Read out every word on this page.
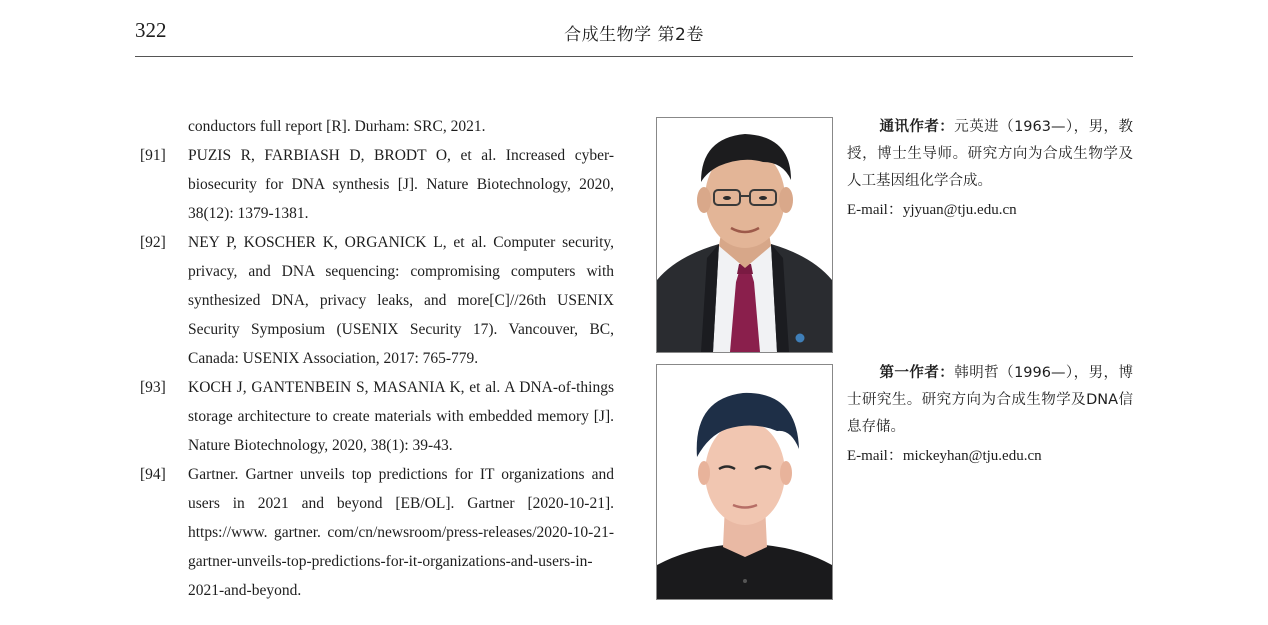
322	合成生物学 第2卷
conductors full report [R]. Durham: SRC, 2021.
[91]	PUZIS R, FARBIASH D, BRODT O, et al. Increased cyber-biosecurity for DNA synthesis [J]. Nature Biotechnology, 2020, 38(12): 1379-1381.
[92]	NEY P, KOSCHER K, ORGANICK L, et al. Computer security, privacy, and DNA sequencing: compromising computers with synthesized DNA, privacy leaks, and more[C]//26th USENIX Security Symposium (USENIX Security 17). Vancouver, BC, Canada: USENIX Association, 2017: 765-779.
[93]	KOCH J, GANTENBEIN S, MASANIA K, et al. A DNA-of-things storage architecture to create materials with embedded memory [J]. Nature Biotechnology, 2020, 38(1): 39-43.
[94]	Gartner. Gartner unveils top predictions for IT organizations and users in 2021 and beyond [EB/OL]. Gartner [2020-10-21]. https://www. gartner. com/cn/newsroom/press-releases/2020-10-21-gartner-unveils-top-predictions-for-it-organizations-and-users-in-2021-and-beyond.
通讯作者：元英进（1963—），男，教授，博士生导师。研究方向为合成生物学及人工基因组化学合成。
E-mail：yjyuan@tju.edu.cn
第一作者：韩明哲（1996—），男，博士研究生。研究方向为合成生物学及DNA信息存储。
E-mail：mickeyhan@tju.edu.cn
